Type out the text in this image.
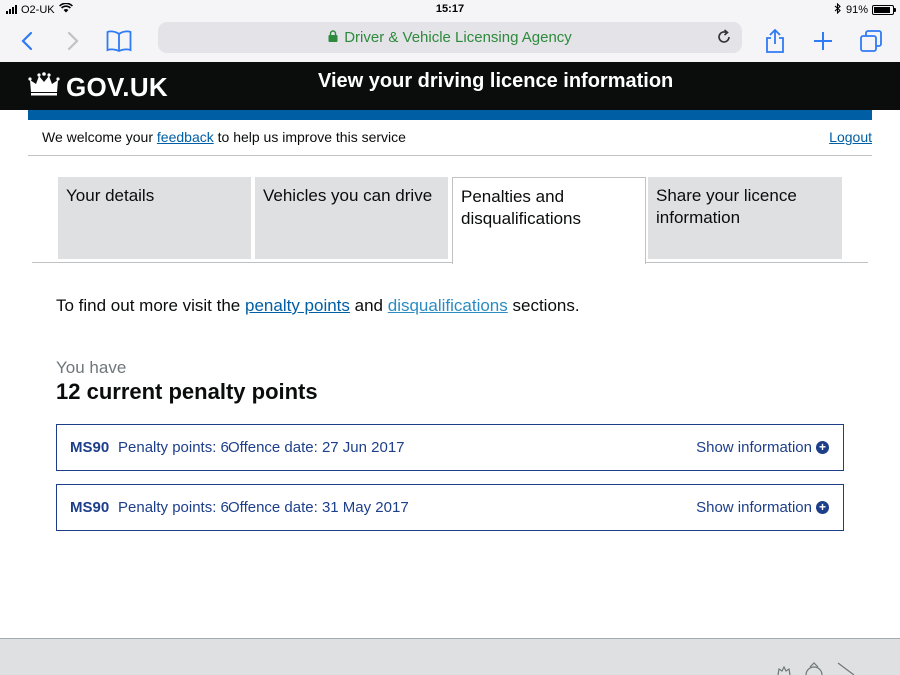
O2-UK	15:17	91%
Driver & Vehicle Licensing Agency
GOV.UK	View your driving licence information
We welcome your feedback to help us improve this service	Logout
Your details	Vehicles you can drive	Penalties and disqualifications
Share your licence information
To find out more visit the penalty points and disqualifications sections.
You have
12 current penalty points
MS90 Penalty points: 6 Offence date: 27 Jun 2017	Show information +
MS90 Penalty points: 6 Offence date: 31 May 2017	Show information +
